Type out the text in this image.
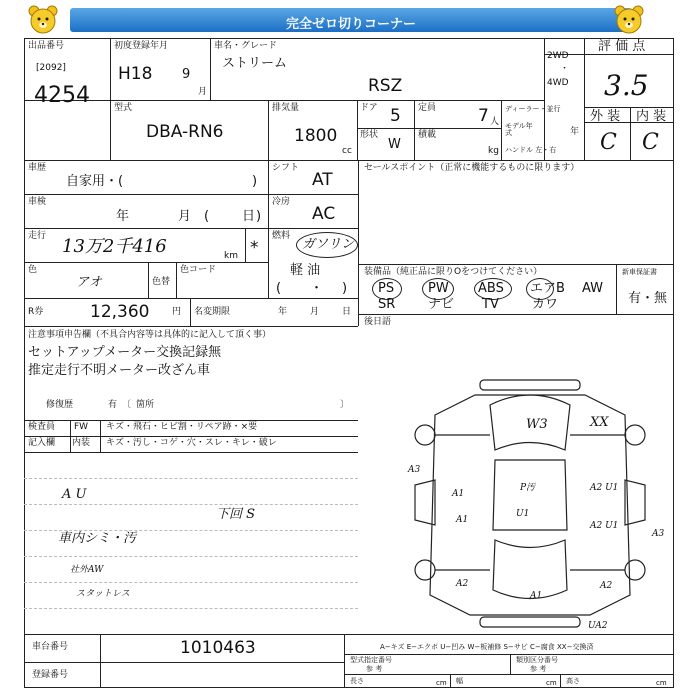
完全ゼロ切りコーナー
出品番号
[2092]
4254
初度登録年月
H18 9
月
車名・グレード
ストリーム
RSZ
2WD
・
4WD
評 価 点
3.5
型式
DBA-RN6
排気量
1800
cc
ドア 5 定員 7 人
ディーラー・並行
モデル年式	年
ハンドル 左・右
形状
W
積載
kg
外 装 内 装
C C
車歴
自家用・(	)
車検
年	月 (	日 )
走行 13万2千416	km *
色
アオ	色替
色コード
シフト
AT
冷房
AC
燃料
ガソリン
軽 油
( ・ )
R券	12,360	円 名変期限	年	月	日
注意事項申告欄（不具合内容等は具体的に記入して頂く事）
セットアップメーター交換記録無
推定走行不明メーター改ざん車
修復歴	有 〔 箇所	〕
検査員
記入欄
FW キズ・飛石・ヒビ割・リペア跡・×要
内装 キズ・汚し・コゲ・穴・スレ・キレ・破レ
A U
車内シミ・汚
社外AW
スタットレス
下回 S
セールスポイント（正常に機能するものに限ります）
装備品（純正品に限りOをつけてください）
PS	PW ABS エアB AW
SR	ナビ TV	カワ
新車保証書
有・無
後日語
W3	XX
A3
A1
P汚
U1
A2 U1
A1
A2 U1
A3
A2
A1
A2
UA2
車台番号	1010463
登録番号
A−キズ E−エクボ U−凹み W−板補修 S−サビ C−腐食 XX−交換済
型式指定番号
参 考
類別区分番号
参 考
長さ	cm 幅	cm 高さ	cm
